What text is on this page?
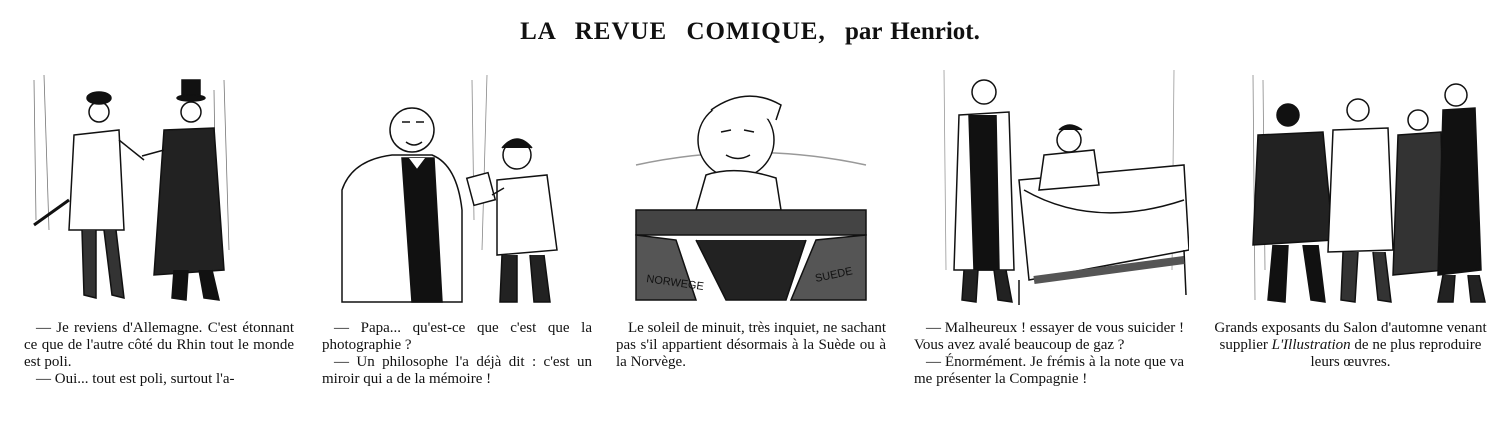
LA REVUE COMIQUE, par Henriot.

— Je reviens d'Allemagne. C'est étonnant ce que de l'autre côté du Rhin tout le monde est poli.

— Oui... tout est poli, surtout l'a-

— Papa... qu'est-ce que c'est que la photographie ?

— Un philosophe l'a déjà dit : c'est un miroir qui a de la mémoire !

NORWEGE	SUEDE

Le soleil de minuit, très inquiet, ne sachant pas s'il appartient désormais à la Suède ou à la Norvège.

— Malheureux ! essayer de vous suicider ! Vous avez avalé beaucoup de gaz ?

— Énormément. Je frémis à la note que va me présenter la Compagnie !

Grands exposants du Salon d'automne venant supplier L'Illustration de ne plus reproduire leurs œuvres.
